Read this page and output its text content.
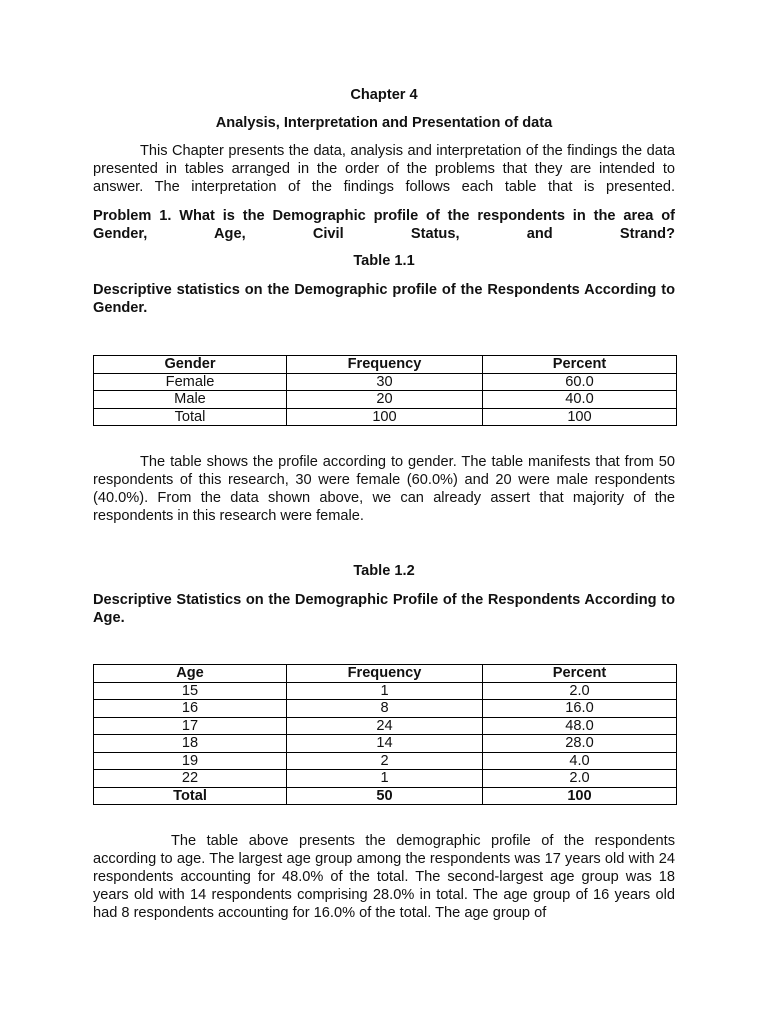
Chapter 4
Analysis, Interpretation and Presentation of data

This Chapter presents the data, analysis and interpretation of the findings the data presented in tables arranged in the order of the problems that they are intended to answer. The interpretation of the findings follows each table that is presented.

Problem 1. What is the Demographic profile of the respondents in the area of Gender, Age, Civil Status, and Strand?

Table 1.1

Descriptive statistics on the Demographic profile of the Respondents According to Gender.

Gender	Frequency	Percent
Female	30	60.0
Male	20	40.0
Total	100	100

The table shows the profile according to gender. The table manifests that from 50 respondents of this research, 30 were female (60.0%) and 20 were male respondents (40.0%). From the data shown above, we can already assert that majority of the respondents in this research were female.

Table 1.2

Descriptive Statistics on the Demographic Profile of the Respondents According to Age.

Age	Frequency	Percent
15	1	2.0
16	8	16.0
17	24	48.0
18	14	28.0
19	2	4.0
22	1	2.0
Total	50	100

The table above presents the demographic profile of the respondents according to age. The largest age group among the respondents was 17 years old with 24 respondents accounting for 48.0% of the total. The second-largest age group was 18 years old with 14 respondents comprising 28.0% in total. The age group of 16 years old had 8 respondents accounting for 16.0% of the total. The age group of
